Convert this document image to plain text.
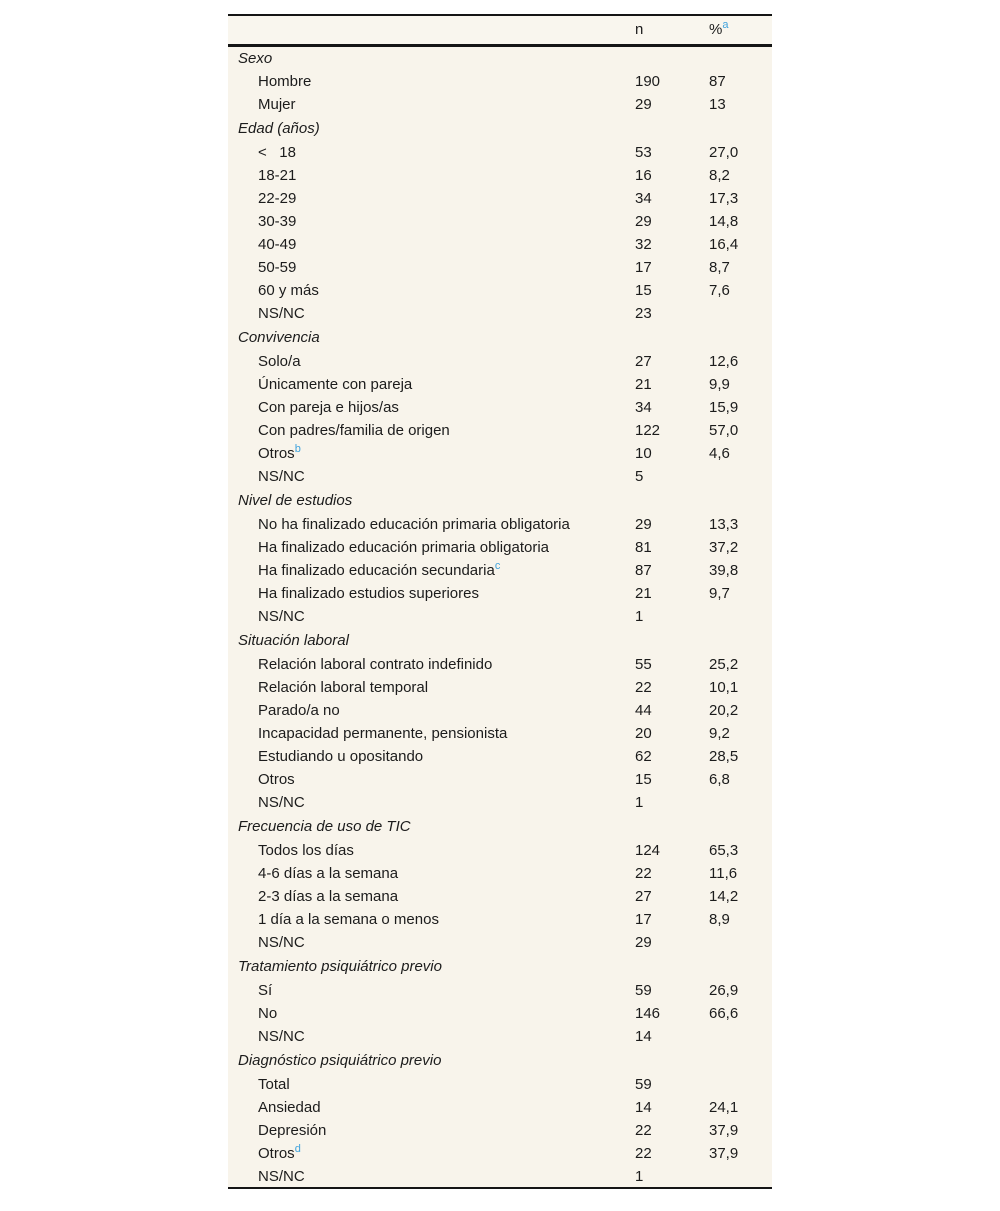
	n	%$^a$
Sexo		
Hombre	190	87
Mujer	29	13
Edad (años)		
<   18	53	27,0
18-21	16	8,2
22-29	34	17,3
30-39	29	14,8
40-49	32	16,4
50-59	17	8,7
60 y más	15	7,6
NS/NC	23	
Convivencia		
Solo/a	27	12,6
Únicamente con pareja	21	9,9
Con pareja e hijos/as	34	15,9
Con padres/familia de origen	122	57,0
Otros$^b$	10	4,6
NS/NC	5	
Nivel de estudios		
No ha finalizado educación primaria obligatoria	29	13,3
Ha finalizado educación primaria obligatoria	81	37,2
Ha finalizado educación secundaria$^c$	87	39,8
Ha finalizado estudios superiores	21	9,7
NS/NC	1	
Situación laboral		
Relación laboral contrato indefinido	55	25,2
Relación laboral temporal	22	10,1
Parado/a no	44	20,2
Incapacidad permanente, pensionista	20	9,2
Estudiando u opositando	62	28,5
Otros	15	6,8
NS/NC	1	
Frecuencia de uso de TIC		
Todos los días	124	65,3
4-6 días a la semana	22	11,6
2-3 días a la semana	27	14,2
1 día a la semana o menos	17	8,9
NS/NC	29	
Tratamiento psiquiátrico previo		
Sí	59	26,9
No	146	66,6
NS/NC	14	
Diagnóstico psiquiátrico previo		
Total	59	
Ansiedad	14	24,1
Depresión	22	37,9
Otros$^d$	22	37,9
NS/NC	1	
